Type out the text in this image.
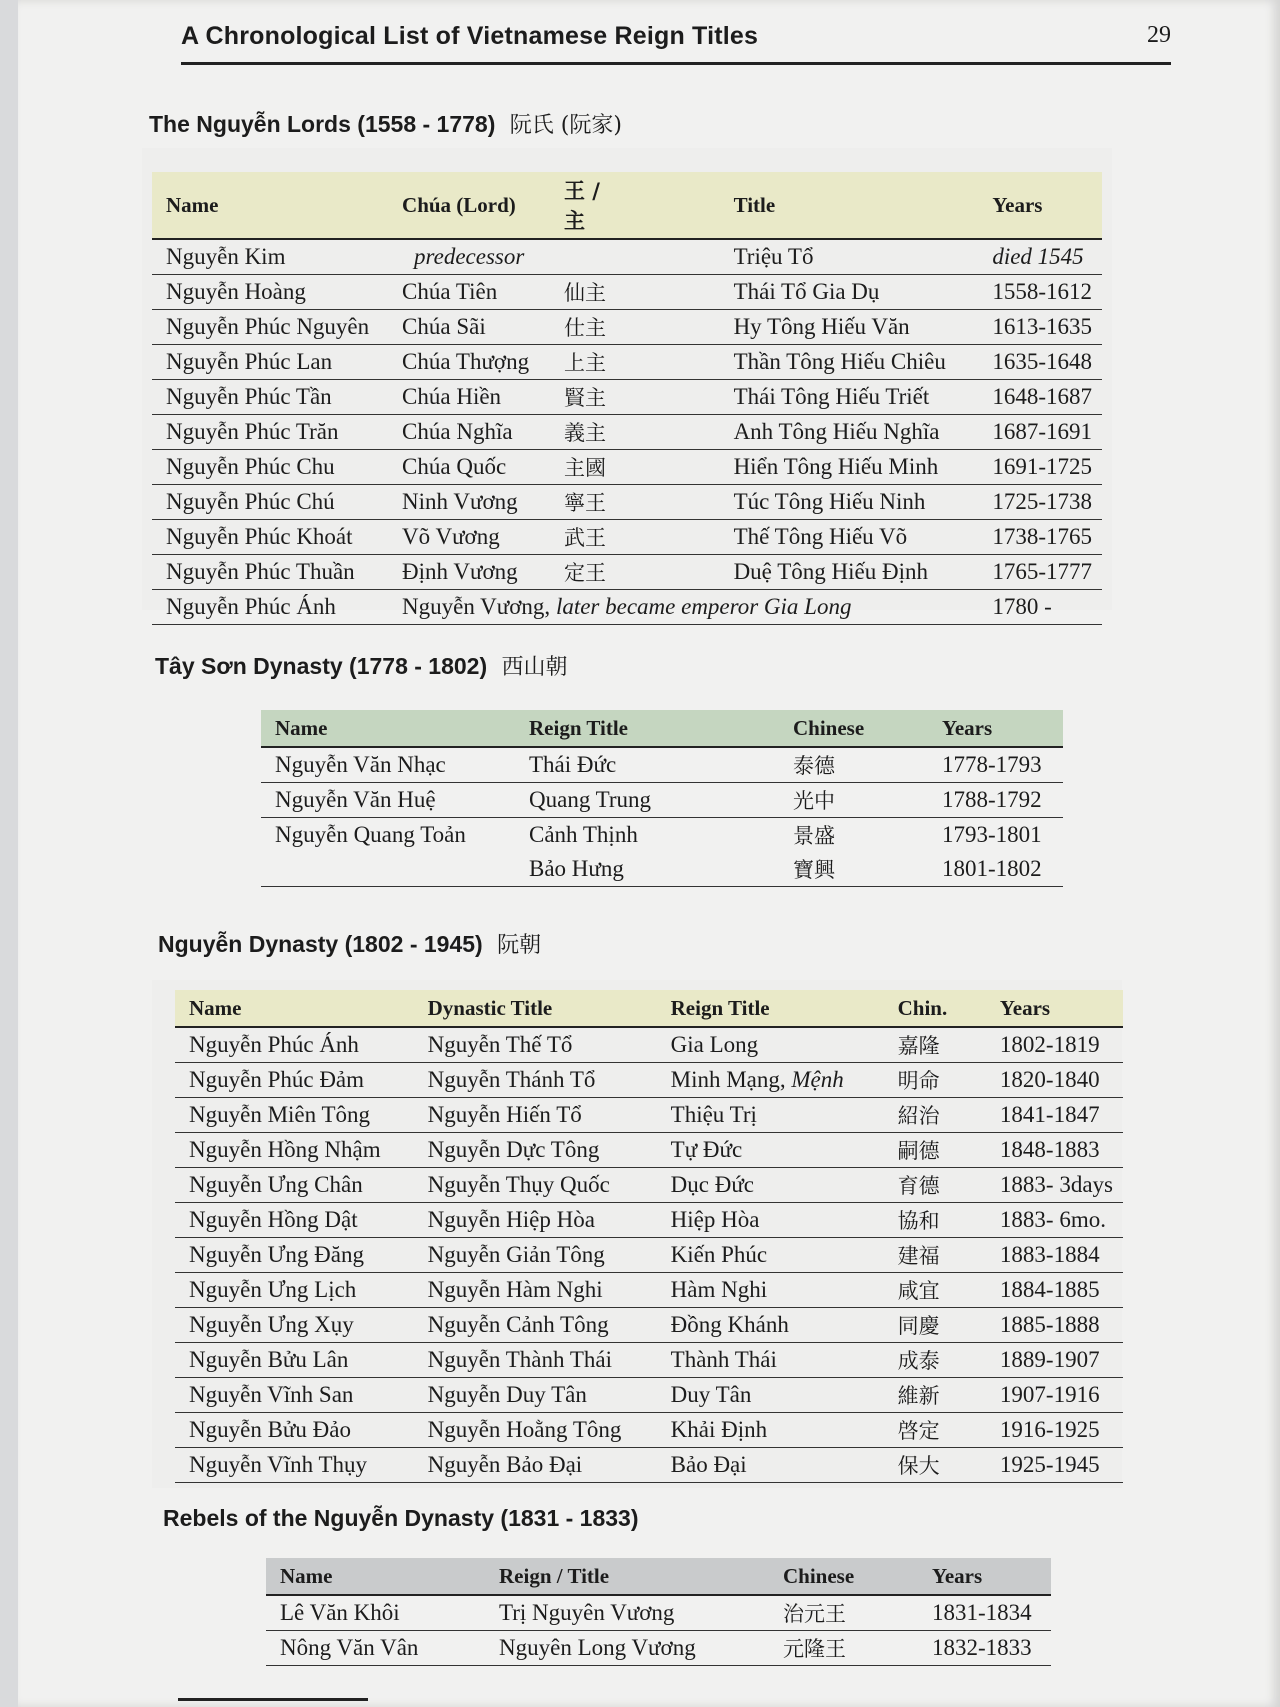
A Chronological List of Vietnamese Reign Titles	29
The Nguyễn Lords (1558 - 1778) 阮氏 (阮家)
Name	Chúa (Lord)	王 / 主	Title	Years
Nguyễn Kim	predecessor		Triệu Tổ	died 1545
Nguyễn Hoàng	Chúa Tiên	仙主	Thái Tổ Gia Dụ	1558-1612
Nguyễn Phúc Nguyên	Chúa Sãi	仕主	Hy Tông Hiếu Văn	1613-1635
Nguyễn Phúc Lan	Chúa Thượng	上主	Thần Tông Hiếu Chiêu	1635-1648
Nguyễn Phúc Tần	Chúa Hiền	賢主	Thái Tông Hiếu Triết	1648-1687
Nguyễn Phúc Trăn	Chúa Nghĩa	義主	Anh Tông Hiếu Nghĩa	1687-1691
Nguyễn Phúc Chu	Chúa Quốc	主國	Hiển Tông Hiếu Minh	1691-1725
Nguyễn Phúc Chú	Ninh Vương	寧王	Túc Tông Hiếu Ninh	1725-1738
Nguyễn Phúc Khoát	Võ Vương	武王	Thế Tông Hiếu Võ	1738-1765
Nguyễn Phúc Thuần	Định Vương	定王	Duệ Tông Hiếu Định	1765-1777
Nguyễn Phúc Ánh	Nguyễn Vương, later became emperor Gia Long			1780 -
Tây Sơn Dynasty (1778 - 1802) 西山朝
Name	Reign Title	Chinese	Years
Nguyễn Văn Nhạc	Thái Đức	泰德	1778-1793
Nguyễn Văn Huệ	Quang Trung	光中	1788-1792
Nguyễn Quang Toản	Cảnh Thịnh	景盛	1793-1801
	Bảo Hưng	寶興	1801-1802
Nguyễn Dynasty (1802 - 1945) 阮朝
Name	Dynastic Title	Reign Title	Chin.	Years
Nguyễn Phúc Ánh	Nguyễn Thế Tổ	Gia Long	嘉隆	1802-1819
Nguyễn Phúc Đảm	Nguyễn Thánh Tổ	Minh Mạng, Mệnh	明命	1820-1840
Nguyễn Miên Tông	Nguyễn Hiến Tổ	Thiệu Trị	紹治	1841-1847
Nguyễn Hồng Nhậm	Nguyễn Dực Tông	Tự Đức	嗣德	1848-1883
Nguyễn Ưng Chân	Nguyễn Thụy Quốc	Dục Đức	育德	1883- 3days
Nguyễn Hồng Dật	Nguyễn Hiệp Hòa	Hiệp Hòa	協和	1883- 6mo.
Nguyễn Ưng Đăng	Nguyễn Giản Tông	Kiến Phúc	建福	1883-1884
Nguyễn Ưng Lịch	Nguyễn Hàm Nghi	Hàm Nghi	咸宜	1884-1885
Nguyễn Ưng Xụy	Nguyễn Cảnh Tông	Đồng Khánh	同慶	1885-1888
Nguyễn Bửu Lân	Nguyễn Thành Thái	Thành Thái	成泰	1889-1907
Nguyễn Vĩnh San	Nguyễn Duy Tân	Duy Tân	維新	1907-1916
Nguyễn Bửu Đảo	Nguyễn Hoằng Tông	Khải Định	啓定	1916-1925
Nguyễn Vĩnh Thụy	Nguyễn Bảo Đại	Bảo Đại	保大	1925-1945
Rebels of the Nguyễn Dynasty (1831 - 1833)
Name	Reign / Title	Chinese	Years
Lê Văn Khôi	Trị Nguyên Vương	治元王	1831-1834
Nông Văn Vân	Nguyên Long Vương	元隆王	1832-1833
